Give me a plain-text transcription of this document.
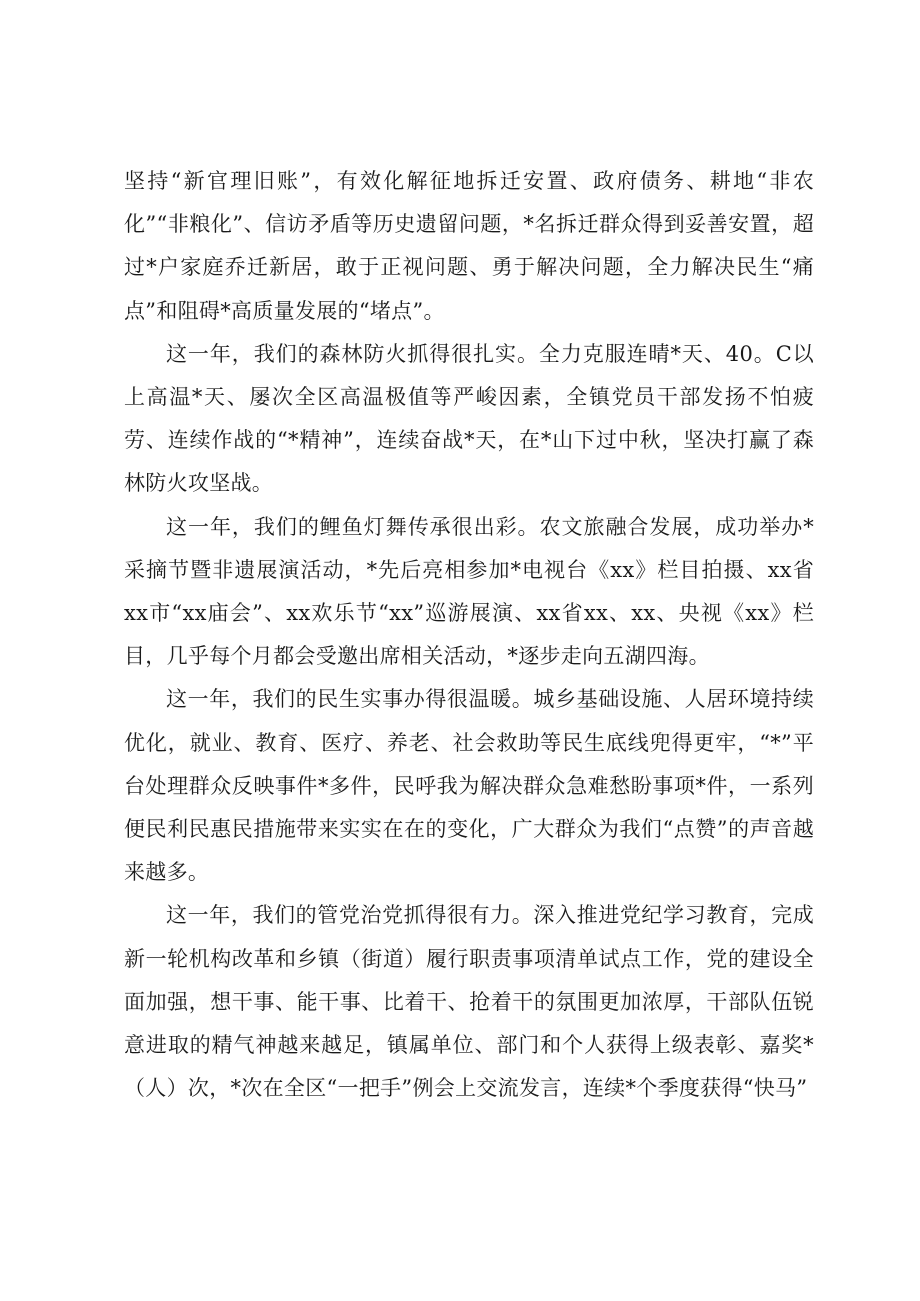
坚持“新官理旧账”，有效化解征地拆迁安置、政府债务、耕地“非农化”“非粮化”、信访矛盾等历史遗留问题，*名拆迁群众得到妥善安置，超过*户家庭乔迁新居，敢于正视问题、勇于解决问题，全力解决民生“痛点”和阻碍*高质量发展的“堵点”。

这一年，我们的森林防火抓得很扎实。全力克服连晴*天、40。C以上高温*天、屡次全区高温极值等严峻因素，全镇党员干部发扬不怕疲劳、连续作战的“*精神”，连续奋战*天，在*山下过中秋，坚决打赢了森林防火攻坚战。

这一年，我们的鲤鱼灯舞传承很出彩。农文旅融合发展，成功举办*采摘节暨非遗展演活动，*先后亮相参加*电视台《xx》栏目拍摄、xx省xx市“xx庙会”、xx欢乐节“xx”巡游展演、xx省xx、xx、央视《xx》栏目，几乎每个月都会受邀出席相关活动，*逐步走向五湖四海。

这一年，我们的民生实事办得很温暖。城乡基础设施、人居环境持续优化，就业、教育、医疗、养老、社会救助等民生底线兜得更牢，“*”平台处理群众反映事件*多件，民呼我为解决群众急难愁盼事项*件，一系列便民利民惠民措施带来实实在在的变化，广大群众为我们“点赞”的声音越来越多。

这一年，我们的管党治党抓得很有力。深入推进党纪学习教育，完成新一轮机构改革和乡镇（街道）履行职责事项清单试点工作，党的建设全面加强，想干事、能干事、比着干、抢着干的氛围更加浓厚，干部队伍锐意进取的精气神越来越足，镇属单位、部门和个人获得上级表彰、嘉奖*（人）次，*次在全区“一把手”例会上交流发言，连续*个季度获得“快马”
